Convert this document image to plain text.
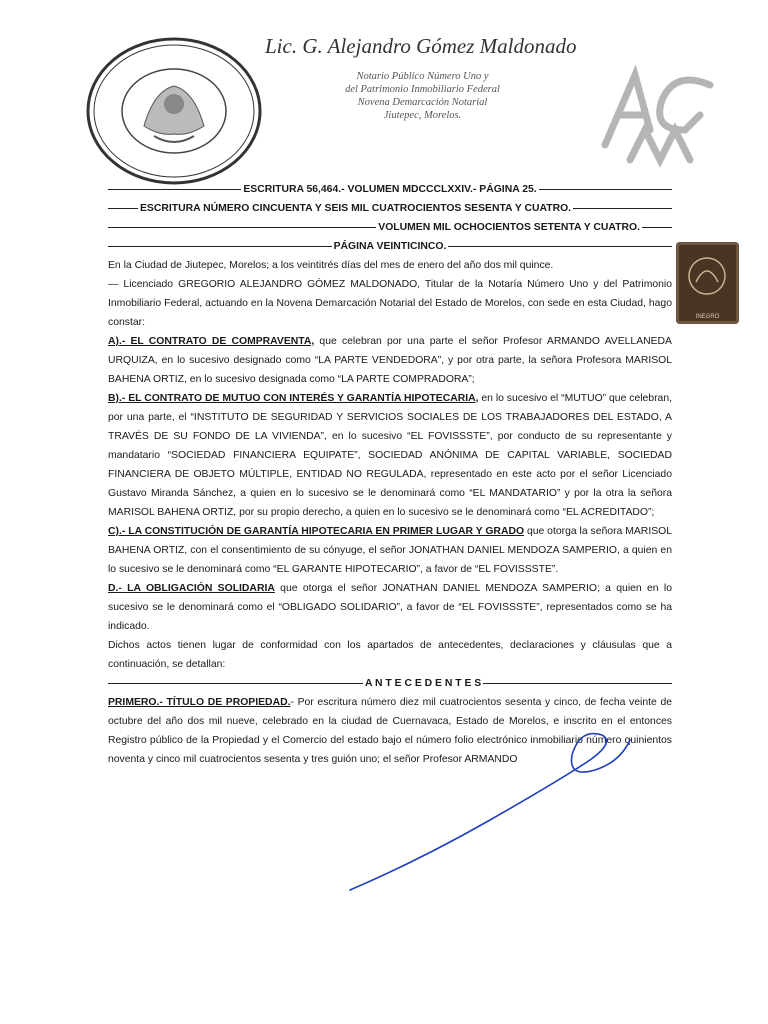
Lic. G. Alejandro Gómez Maldonado
Notario Público Número Uno y
del Patrimonio Inmobiliario Federal
Novena Demarcación Notarial
Jiutepec, Morelos.
INEGRO
ESCRITURA 56,464.- VOLUMEN MDCCCLXXIV.- PÁGINA 25.
ESCRITURA NÚMERO CINCUENTA Y SEIS MIL CUATROCIENTOS SESENTA Y CUATRO.
VOLUMEN MIL OCHOCIENTOS SETENTA Y CUATRO.
PÁGINA VEINTICINCO.

En la Ciudad de Jiutepec, Morelos; a los veintitrés días del mes de enero del año dos mil quince.

— Licenciado GREGORIO ALEJANDRO GÓMEZ MALDONADO, Titular de la Notaría Número Uno y del Patrimonio Inmobiliario Federal, actuando en la Novena Demarcación Notarial del Estado de Morelos, con sede en esta Ciudad, hago constar:

A).- EL CONTRATO DE COMPRAVENTA, que celebran por una parte el señor Profesor ARMANDO AVELLANEDA URQUIZA, en lo sucesivo designado como “LA PARTE VENDEDORA”, y por otra parte, la señora Profesora MARISOL BAHENA ORTIZ, en lo sucesivo designada como “LA PARTE COMPRADORA”;

B).- EL CONTRATO DE MUTUO CON INTERÉS Y GARANTÍA HIPOTECARIA, en lo sucesivo el “MUTUO” que celebran, por una parte, el “INSTITUTO DE SEGURIDAD Y SERVICIOS SOCIALES DE LOS TRABAJADORES DEL ESTADO, A TRAVÉS DE SU FONDO DE LA VIVIENDA”, en lo sucesivo “EL FOVISSSTE”, por conducto de su representante y mandatario “SOCIEDAD FINANCIERA EQUIPATE”, SOCIEDAD ANÓNIMA DE CAPITAL VARIABLE, SOCIEDAD FINANCIERA DE OBJETO MÚLTIPLE, ENTIDAD NO REGULADA, representado en este acto por el señor Licenciado Gustavo Miranda Sánchez, a quien en lo sucesivo se le denominará como “EL MANDATARIO” y por la otra la señora MARISOL BAHENA ORTIZ, por su propio derecho, a quien en lo sucesivo se le denominará como “EL ACREDITADO”;

C).- LA CONSTITUCIÓN DE GARANTÍA HIPOTECARIA EN PRIMER LUGAR Y GRADO que otorga la señora MARISOL BAHENA ORTIZ, con el consentimiento de su cónyuge, el señor JONATHAN DANIEL MENDOZA SAMPERIO, a quien en lo sucesivo se le denominará como “EL GARANTE HIPOTECARIO”, a favor de “EL FOVISSSTE”.

D.- LA OBLIGACIÓN SOLIDARIA que otorga el señor JONATHAN DANIEL MENDOZA SAMPERIO; a quien en lo sucesivo se le denominará como el “OBLIGADO SOLIDARIO”, a favor de “EL FOVISSSTE”, representados como se ha indicado.

Dichos actos tienen lugar de conformidad con los apartados de antecedentes, declaraciones y cláusulas que a continuación, se detallan:

A N T E C E D E N T E S

PRIMERO.- TÍTULO DE PROPIEDAD.- Por escritura número diez mil cuatrocientos sesenta y cinco, de fecha veinte de octubre del año dos mil nueve, celebrado en la ciudad de Cuernavaca, Estado de Morelos, e inscrito en el entonces Registro público de la Propiedad y el Comercio del estado bajo el número folio electrónico inmobiliario número quinientos noventa y cinco mil cuatrocientos sesenta y tres guión uno; el señor Profesor ARMANDO
